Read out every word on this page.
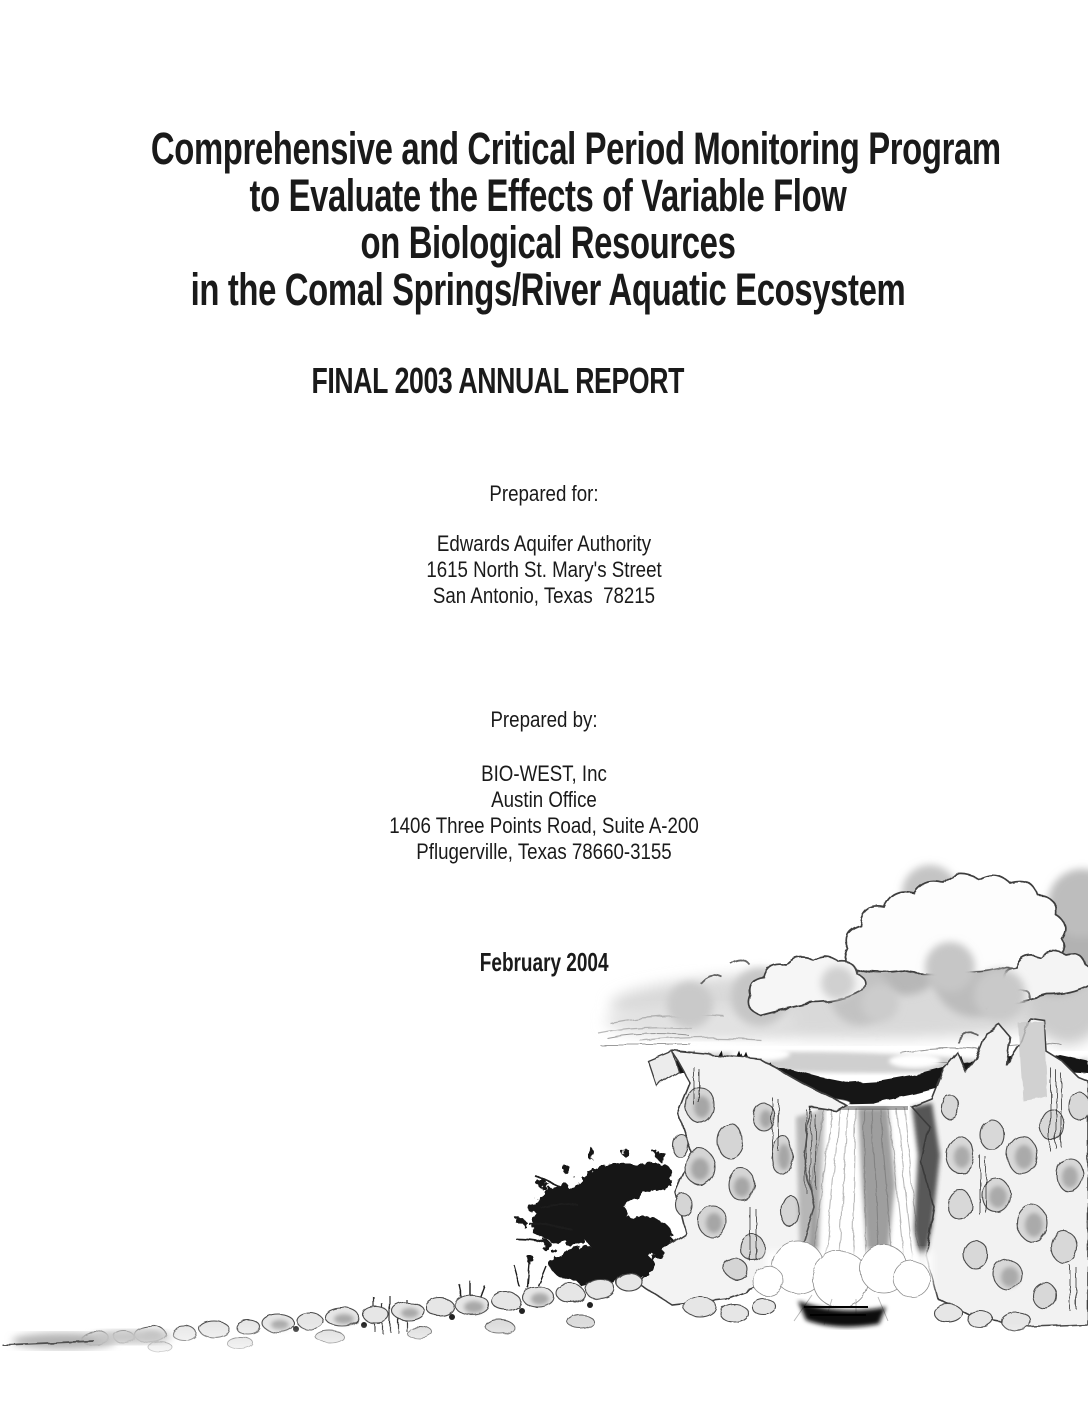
Comprehensive and Critical Period Monitoring Program
to Evaluate the Effects of Variable Flow
on Biological Resources
in the Comal Springs/River Aquatic Ecosystem
FINAL 2003 ANNUAL REPORT
Prepared for:
Edwards Aquifer Authority
1615 North St. Mary's Street
San Antonio, Texas  78215
Prepared by:
BIO-WEST, Inc
Austin Office
1406 Three Points Road, Suite A-200
Pflugerville, Texas 78660-3155
February 2004
